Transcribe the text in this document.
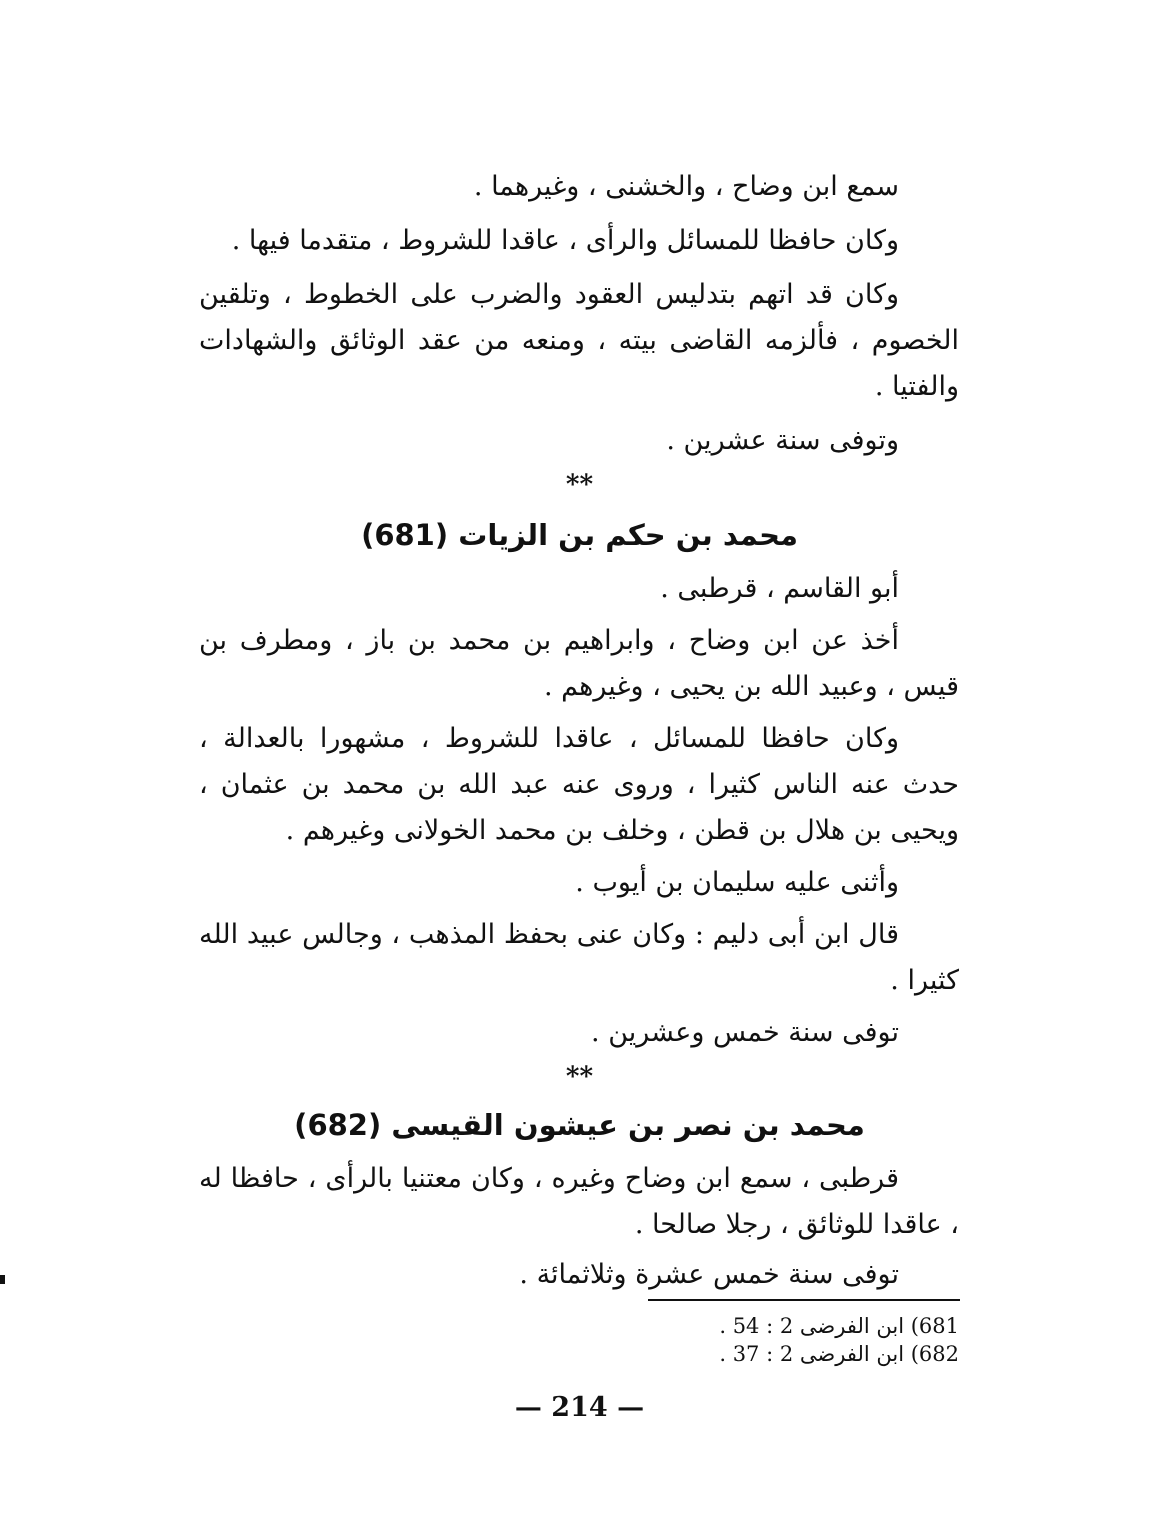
سمع ابن وضاح ، والخشنى ، وغيرهما .

وكان حافظا للمسائل والرأى ، عاقدا للشروط ، متقدما فيها .

وكان قد اتهم بتدليس العقود والضرب على الخطوط ، وتلقين الخصوم ، فألزمه القاضى بيته ، ومنعه من عقد الوثائق والشهادات والفتيا .

وتوفى سنة عشرين .

**
محمد بن حكم بن الزيات (681)

أبو القاسم ، قرطبى .

أخذ عن ابن وضاح ، وابراهيم بن محمد بن باز ، ومطرف بن قيس ، وعبيد الله بن يحيى ، وغيرهم .

وكان حافظا للمسائل ، عاقدا للشروط ، مشهورا بالعدالة ، حدث عنه الناس كثيرا ، وروى عنه عبد الله بن محمد بن عثمان ، ويحيى بن هلال بن قطن ، وخلف بن محمد الخولانى وغيرهم .

وأثنى عليه سليمان بن أيوب .

قال ابن أبى دليم : وكان عنى بحفظ المذهب ، وجالس عبيد الله كثيرا .

توفى سنة خمس وعشرين .

**
محمد بن نصر بن عيشون القيسى (682)

قرطبى ، سمع ابن وضاح وغيره ، وكان معتنيا بالرأى ، حافظا له ، عاقدا للوثائق ، رجلا صالحا .

توفى سنة خمس عشرة وثلاثمائة .

681) ابن الفرضى 2 : 54 .
682) ابن الفرضى 2 : 37 .
— 214 —
